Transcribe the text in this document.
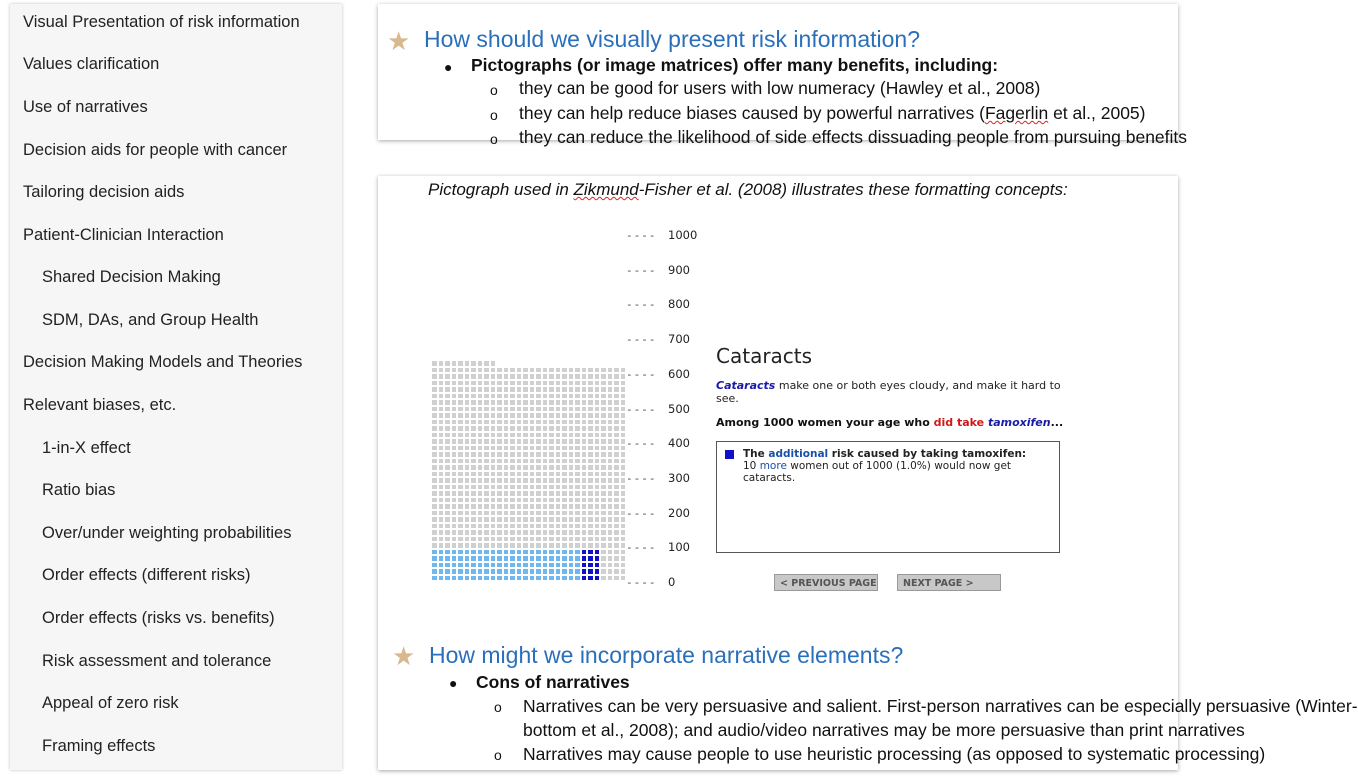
Visual Presentation of risk information
Values clarification
Use of narratives
Decision aids for people with cancer
Tailoring decision aids
Patient-Clinician Interaction
Shared Decision Making
SDM, DAs, and Group Health
Decision Making Models and Theories
Relevant biases, etc.
1-in-X effect
Ratio bias
Over/under weighting probabilities
Order effects (different risks)
Order effects (risks vs. benefits)
Risk assessment and tolerance
Appeal of zero risk
Framing effects
★ How should we visually present risk information?
● Pictographs (or image matrices) offer many benefits, including:
o they can be good for users with low numeracy (Hawley et al., 2008)
o they can help reduce biases caused by powerful narratives (Fagerlin et al., 2005)
o they can reduce the likelihood of side effects dissuading people from pursuing benefits
Pictograph used in Zikmund-Fisher et al. (2008) illustrates these formatting concepts:
---- 1000
---- 900
---- 800
---- 700
---- 600
---- 500
---- 400
---- 300
---- 200
---- 100
---- 0
Cataracts
Cataracts make one or both eyes cloudy, and make it hard to see.
Among 1000 women your age who did take tamoxifen...
The additional risk caused by taking tamoxifen:
10 more women out of 1000 (1.0%) would now get cataracts.
< PREVIOUS PAGE	NEXT PAGE >
★ How might we incorporate narrative elements?
● Cons of narratives
o Narratives can be very persuasive and salient. First-person narratives can be especially persuasive (Winter-
bottom et al., 2008); and audio/video narratives may be more persuasive than print narratives
o Narratives may cause people to use heuristic processing (as opposed to systematic processing)
